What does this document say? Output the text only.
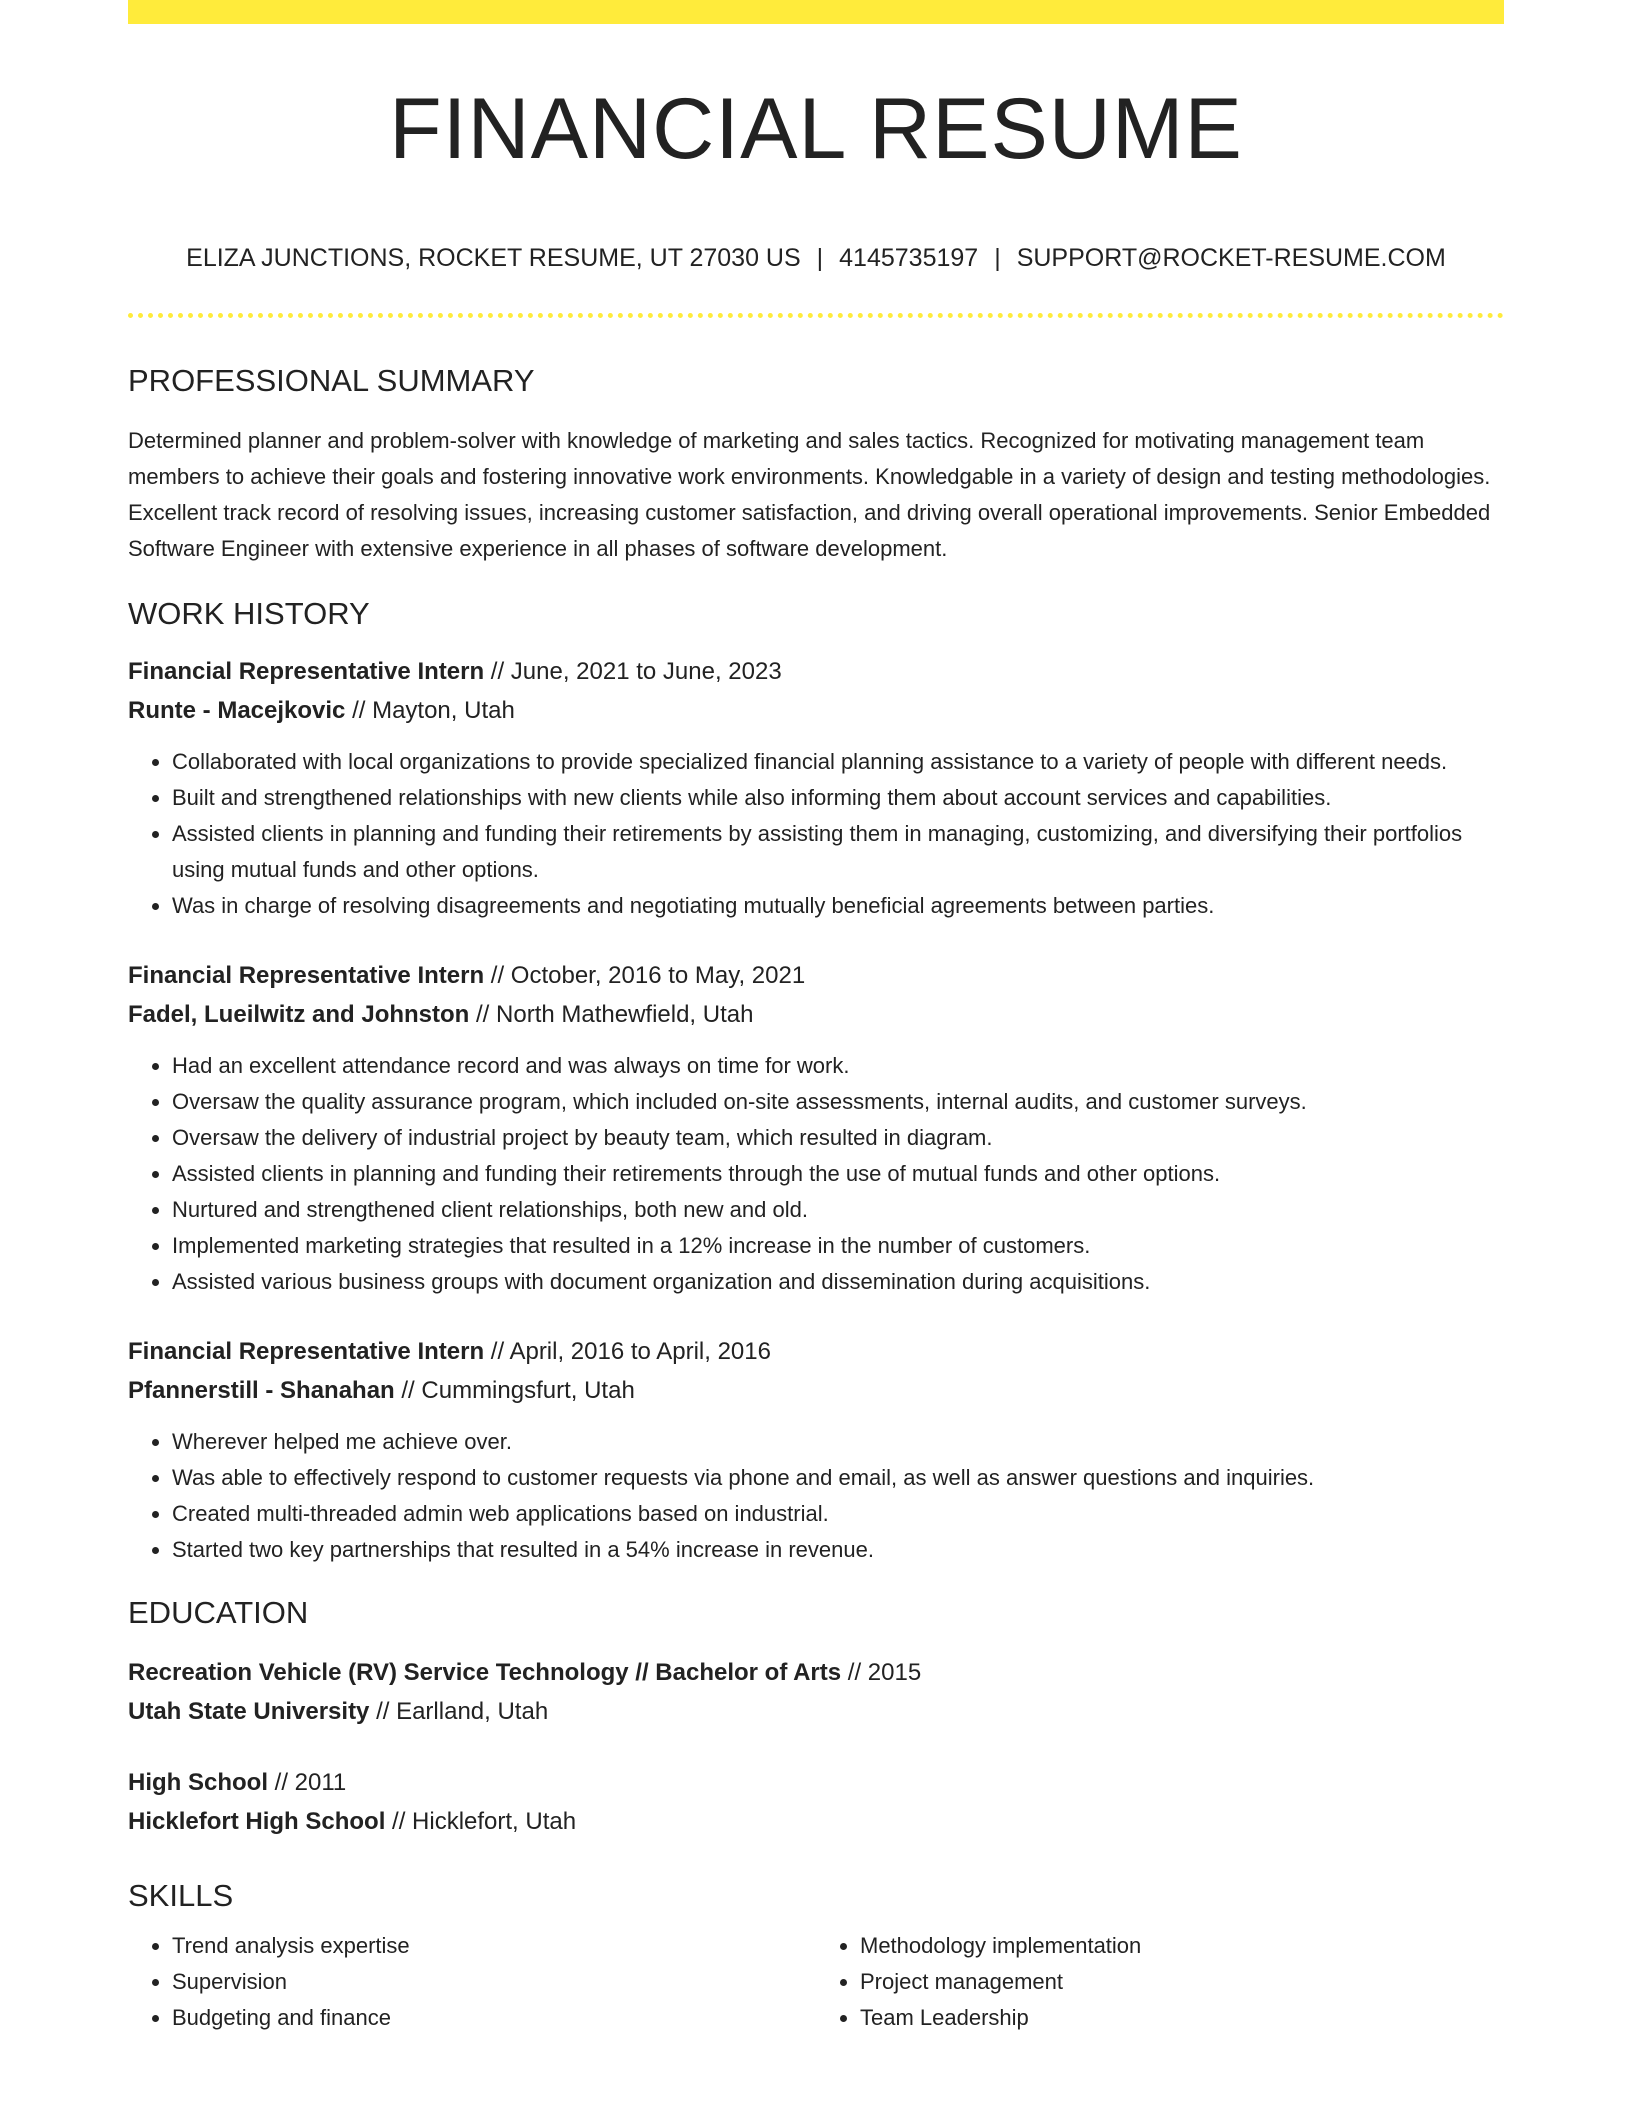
FINANCIAL RESUME
ELIZA JUNCTIONS, ROCKET RESUME, UT 27030 US | 4145735197 | SUPPORT@ROCKET-RESUME.COM
PROFESSIONAL SUMMARY
Determined planner and problem-solver with knowledge of marketing and sales tactics. Recognized for motivating management team members to achieve their goals and fostering innovative work environments. Knowledgable in a variety of design and testing methodologies. Excellent track record of resolving issues, increasing customer satisfaction, and driving overall operational improvements. Senior Embedded Software Engineer with extensive experience in all phases of software development.
WORK HISTORY
Financial Representative Intern // June, 2021 to June, 2023
Runte - Macejkovic // Mayton, Utah
• Collaborated with local organizations to provide specialized financial planning assistance to a variety of people with different needs.
• Built and strengthened relationships with new clients while also informing them about account services and capabilities.
• Assisted clients in planning and funding their retirements by assisting them in managing, customizing, and diversifying their portfolios using mutual funds and other options.
• Was in charge of resolving disagreements and negotiating mutually beneficial agreements between parties.
Financial Representative Intern // October, 2016 to May, 2021
Fadel, Lueilwitz and Johnston // North Mathewfield, Utah
• Had an excellent attendance record and was always on time for work.
• Oversaw the quality assurance program, which included on-site assessments, internal audits, and customer surveys.
• Oversaw the delivery of industrial project by beauty team, which resulted in diagram.
• Assisted clients in planning and funding their retirements through the use of mutual funds and other options.
• Nurtured and strengthened client relationships, both new and old.
• Implemented marketing strategies that resulted in a 12% increase in the number of customers.
• Assisted various business groups with document organization and dissemination during acquisitions.
Financial Representative Intern // April, 2016 to April, 2016
Pfannerstill - Shanahan // Cummingsfurt, Utah
• Wherever helped me achieve over.
• Was able to effectively respond to customer requests via phone and email, as well as answer questions and inquiries.
• Created multi-threaded admin web applications based on industrial.
• Started two key partnerships that resulted in a 54% increase in revenue.
EDUCATION
Recreation Vehicle (RV) Service Technology // Bachelor of Arts // 2015
Utah State University // Earlland, Utah
High School // 2011
Hicklefort High School // Hicklefort, Utah
SKILLS
• Trend analysis expertise
• Supervision
• Budgeting and finance
• Methodology implementation
• Project management
• Team Leadership
